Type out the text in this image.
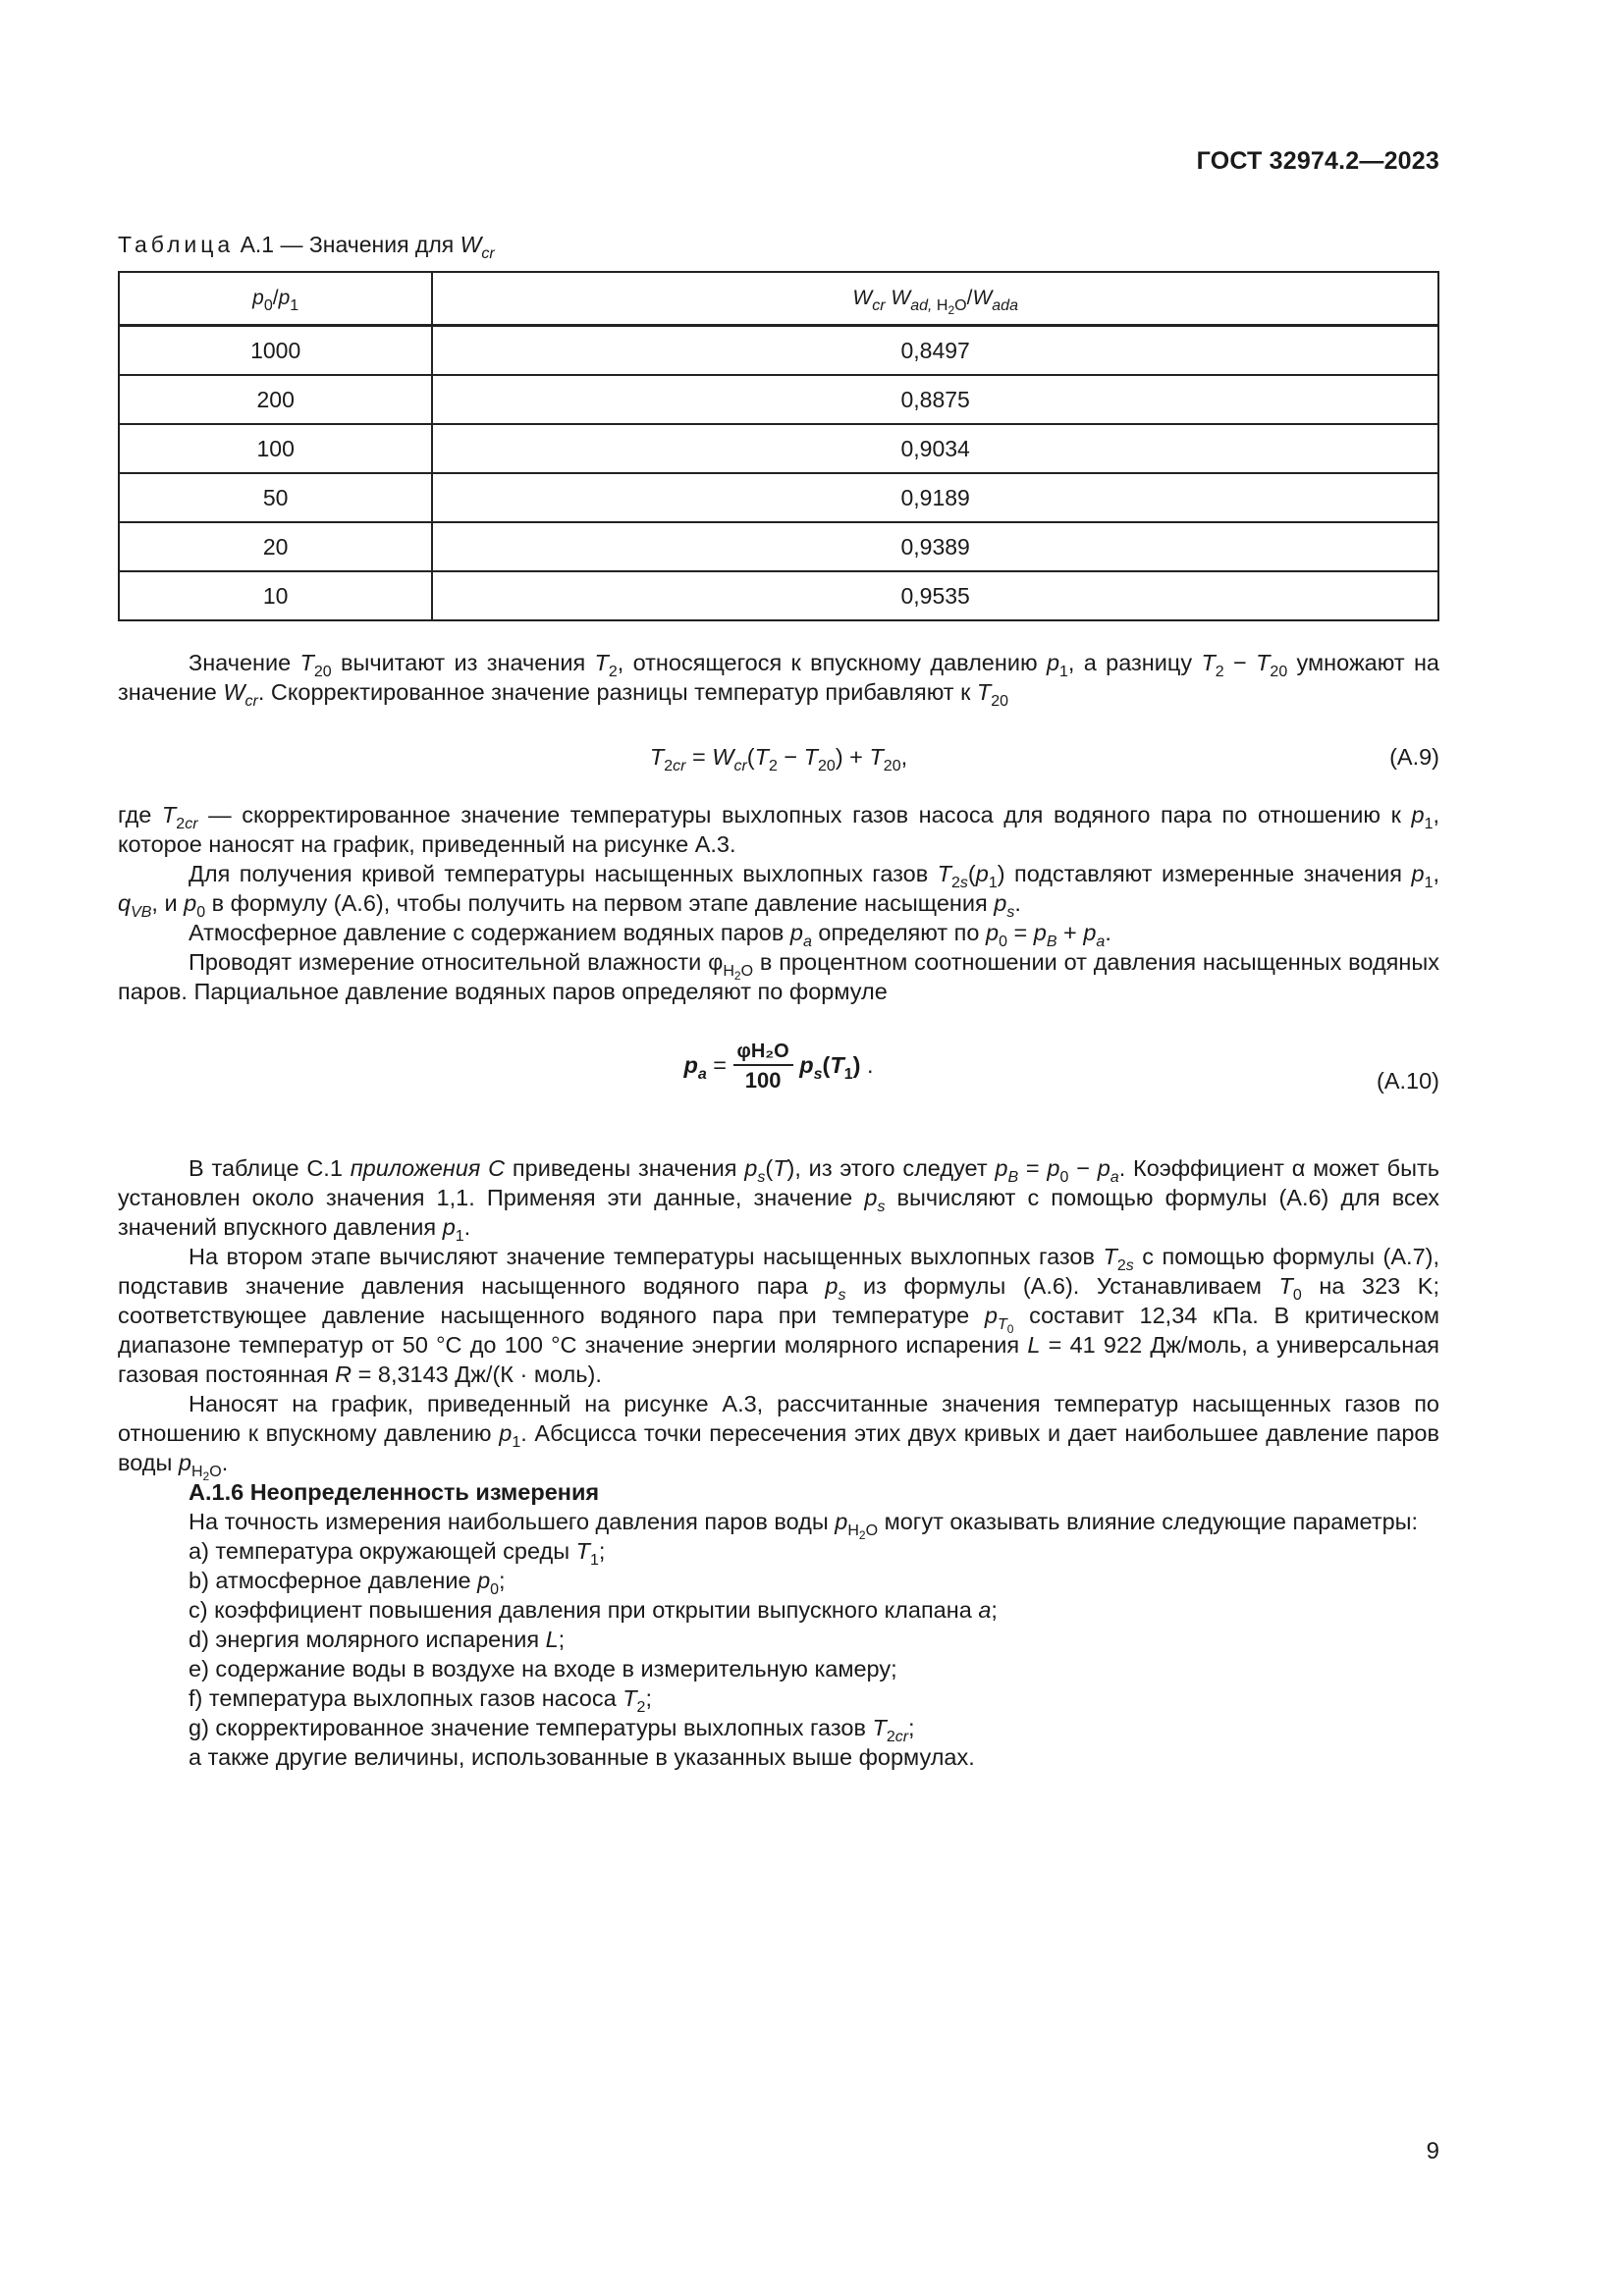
ГОСТ 32974.2—2023
Таблица А.1 — Значения для $W_{cr}$
$p_0/p_1$	$W_{cr}$ $W_{ad, H_2O}/W_{ada}$
1000	0,8497
200	0,8875
100	0,9034
50	0,9189
20	0,9389
10	0,9535

Значение $T_{20}$ вычитают из значения $T_2$, относящегося к впускному давлению $p_1$, а разницу $T_2 - T_{20}$ умножают на значение $W_{cr}$. Скорректированное значение разницы температур прибавляют к $T_{20}$

$T_{2cr} = W_{cr}(T_2 - T_{20}) + T_{20}$,	(А.9)

где $T_{2cr}$ — скорректированное значение температуры выхлопных газов насоса для водяного пара по отношению к $p_1$, которое наносят на график, приведенный на рисунке А.3.

Для получения кривой температуры насыщенных выхлопных газов $T_{2s}(p_1)$ подставляют измеренные значения $p_1$, $q_{VB}$, и $p_0$ в формулу (А.6), чтобы получить на первом этапе давление насыщения $p_s$.

Атмосферное давление с содержанием водяных паров $p_a$ определяют по $p_0 = p_B + p_a$.

Проводят измерение относительной влажности $\varphi_{H_2O}$ в процентном соотношении от давления насыщенных водяных паров. Парциальное давление водяных паров определяют по формуле

$p_a = \frac{\text{φH₂O}}{100} p_s(T_1)$ .
(А.10)

В таблице С.1 приложения С приведены значения $p_s(T)$, из этого следует $p_B = p_0 - p_a$. Коэффициент α может быть установлен около значения 1,1. Применяя эти данные, значение $p_s$ вычисляют с помощью формулы (А.6) для всех значений впускного давления $p_1$.

На втором этапе вычисляют значение температуры насыщенных выхлопных газов $T_{2s}$ с помощью формулы (А.7), подставив значение давления насыщенного водяного пара $p_s$ из формулы (А.6). Устанавливаем $T_0$ на 323 K; соответствующее давление насыщенного водяного пара при температуре $p_{T_0}$ составит 12,34 кПа. В критическом диапазоне температур от 50 °C до 100 °C значение энергии молярного испарения L = 41 922 Дж/моль, а универсальная газовая постоянная R = 8,3143 Дж/(К · моль).

Наносят на график, приведенный на рисунке А.3, рассчитанные значения температур насыщенных газов по отношению к впускному давлению $p_1$. Абсцисса точки пересечения этих двух кривых и дает наибольшее давление паров воды $p_{H_2O}$.

А.1.6 Неопределенность измерения

На точность измерения наибольшего давления паров воды $p_{H_2O}$ могут оказывать влияние следующие параметры:

a) температура окружающей среды $T_1$;

b) атмосферное давление $p_0$;

c) коэффициент повышения давления при открытии выпускного клапана a;

d) энергия молярного испарения L;

e) содержание воды в воздухе на входе в измерительную камеру;

f) температура выхлопных газов насоса $T_2$;

g) скорректированное значение температуры выхлопных газов $T_{2cr}$;

а также другие величины, использованные в указанных выше формулах.

9
